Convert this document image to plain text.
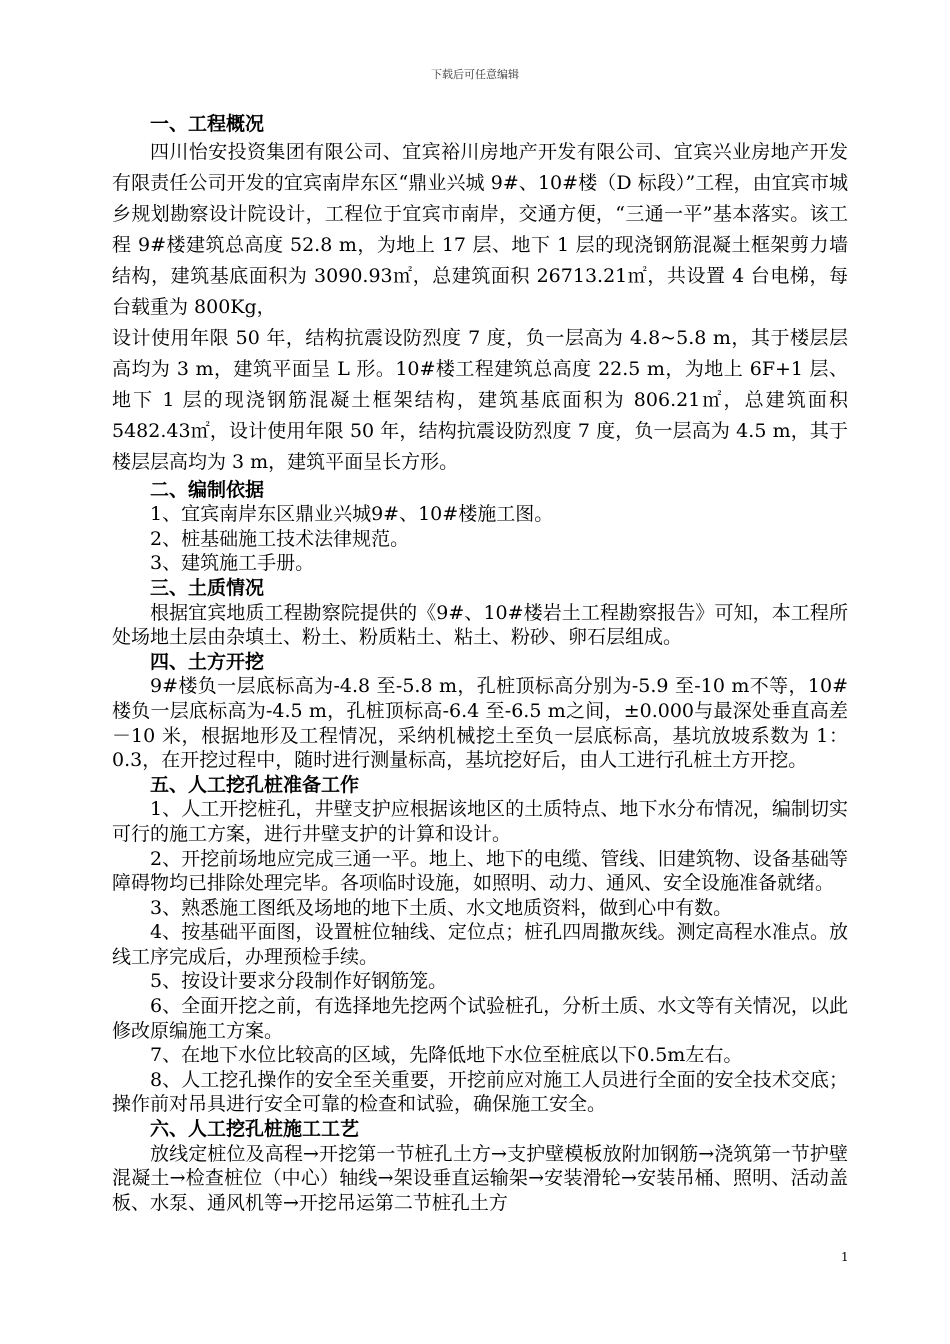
下载后可任意编辑
一、工程概况

四川怡安投资集团有限公司、宜宾裕川房地产开发有限公司、宜宾兴业房地产开发有限责任公司开发的宜宾南岸东区“鼎业兴城 9#、10#楼（D 标段）”工程，由宜宾市城乡规划勘察设计院设计，工程位于宜宾市南岸，交通方便，“三通一平”基本落实。该工程 9#楼建筑总高度 52.8 m，为地上 17 层、地下 1 层的现浇钢筋混凝土框架剪力墙结构，建筑基底面积为 3090.93㎡，总建筑面积 26713.21㎡，共设置 4 台电梯，每台载重为 800Kg，

设计使用年限 50 年，结构抗震设防烈度 7 度，负一层高为 4.8~5.8 m，其于楼层层高均为 3 m，建筑平面呈 L 形。10#楼工程建筑总高度 22.5 m，为地上 6F+1 层、地下 1 层的现浇钢筋混凝土框架结构，建筑基底面积为 806.21㎡，总建筑面积 5482.43㎡，设计使用年限 50 年，结构抗震设防烈度 7 度，负一层高为 4.5 m，其于楼层层高均为 3 m，建筑平面呈长方形。

二、编制依据

1、宜宾南岸东区鼎业兴城9#、10#楼施工图。

2、桩基础施工技术法律规范。

3、建筑施工手册。

三、土质情况

根据宜宾地质工程勘察院提供的《9#、10#楼岩土工程勘察报告》可知，本工程所处场地土层由杂填土、粉土、粉质粘土、粘土、粉砂、卵石层组成。

四、土方开挖

9#楼负一层底标高为-4.8 至-5.8 m，孔桩顶标高分别为-5.9 至-10 m不等，10#楼负一层底标高为-4.5 m，孔桩顶标高-6.4 至-6.5 m之间，±0.000与最深处垂直高差－10 米，根据地形及工程情况，采纳机械挖土至负一层底标高，基坑放坡系数为 1：0.3，在开挖过程中，随时进行测量标高，基坑挖好后，由人工进行孔桩土方开挖。

五、人工挖孔桩准备工作

1、人工开挖桩孔，井壁支护应根据该地区的土质特点、地下水分布情况，编制切实可行的施工方案，进行井壁支护的计算和设计。

2、开挖前场地应完成三通一平。地上、地下的电缆、管线、旧建筑物、设备基础等障碍物均已排除处理完毕。各项临时设施，如照明、动力、通风、安全设施准备就绪。

3、熟悉施工图纸及场地的地下土质、水文地质资料，做到心中有数。

4、按基础平面图，设置桩位轴线、定位点；桩孔四周撒灰线。测定高程水准点。放线工序完成后，办理预检手续。

5、按设计要求分段制作好钢筋笼。

6、全面开挖之前，有选择地先挖两个试验桩孔，分析土质、水文等有关情况，以此修改原编施工方案。

7、在地下水位比较高的区域，先降低地下水位至桩底以下0.5m左右。

8、人工挖孔操作的安全至关重要，开挖前应对施工人员进行全面的安全技术交底；操作前对吊具进行安全可靠的检查和试验，确保施工安全。

六、人工挖孔桩施工工艺

放线定桩位及高程→开挖第一节桩孔土方→支护壁模板放附加钢筋→浇筑第一节护壁混凝土→检查桩位（中心）轴线→架设垂直运输架→安装滑轮→安装吊桶、照明、活动盖板、水泵、通风机等→开挖吊运第二节桩孔土方

1
